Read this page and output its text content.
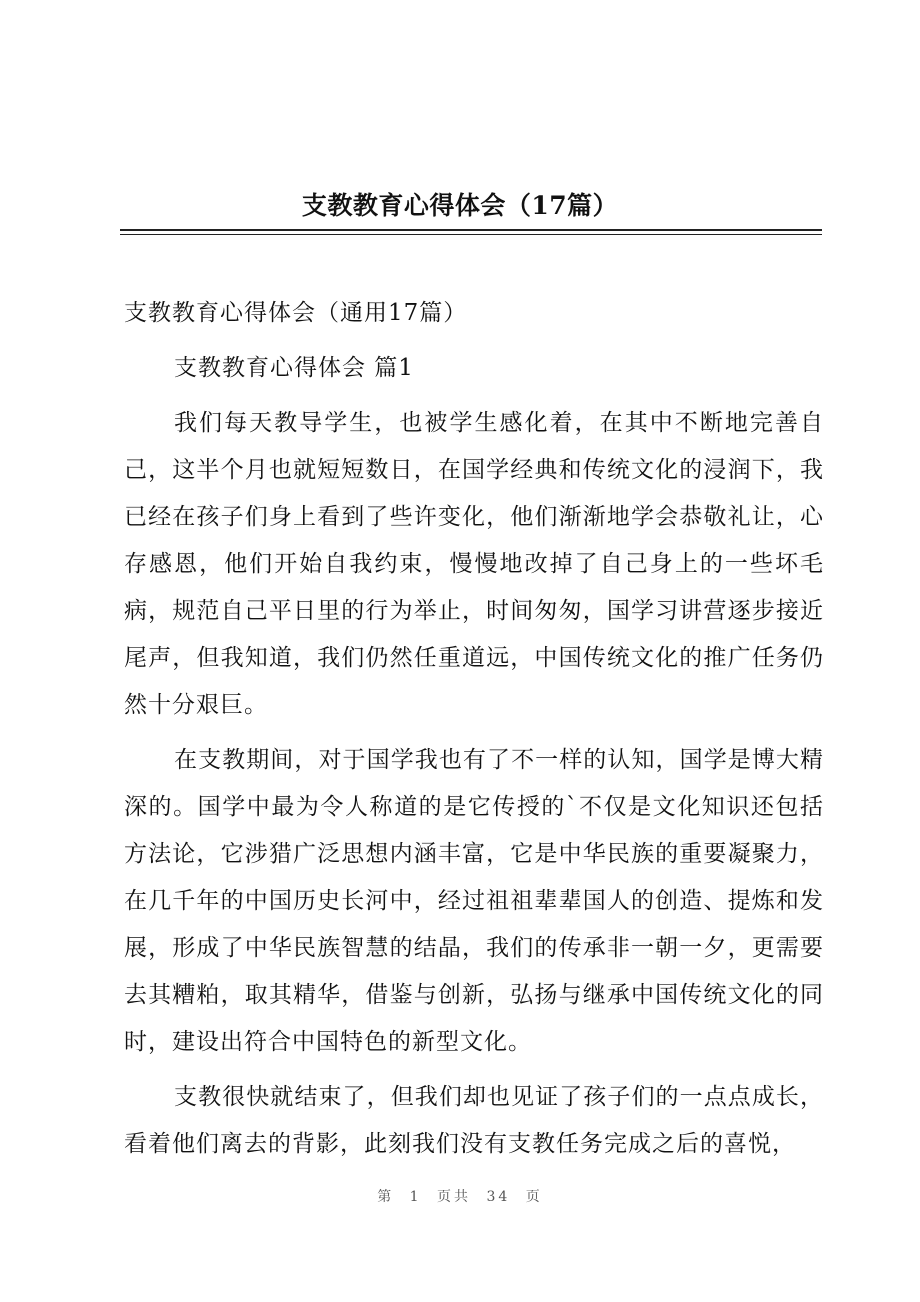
支教教育心得体会（17篇）

支教教育心得体会（通用17篇）

支教教育心得体会 篇1

我们每天教导学生，也被学生感化着，在其中不断地完善自己，这半个月也就短短数日，在国学经典和传统文化的浸润下，我已经在孩子们身上看到了些许变化，他们渐渐地学会恭敬礼让，心存感恩，他们开始自我约束，慢慢地改掉了自己身上的一些坏毛病，规范自己平日里的行为举止，时间匆匆，国学习讲营逐步接近尾声，但我知道，我们仍然任重道远，中国传统文化的推广任务仍然十分艰巨。

在支教期间，对于国学我也有了不一样的认知，国学是博大精深的。国学中最为令人称道的是它传授的`不仅是文化知识还包括方法论，它涉猎广泛思想内涵丰富，它是中华民族的重要凝聚力，在几千年的中国历史长河中，经过祖祖辈辈国人的创造、提炼和发展，形成了中华民族智慧的结晶，我们的传承非一朝一夕，更需要去其糟粕，取其精华，借鉴与创新，弘扬与继承中国传统文化的同时，建设出符合中国特色的新型文化。

支教很快就结束了，但我们却也见证了孩子们的一点点成长，看着他们离去的背影，此刻我们没有支教任务完成之后的喜悦，

第 1 页共 34 页
